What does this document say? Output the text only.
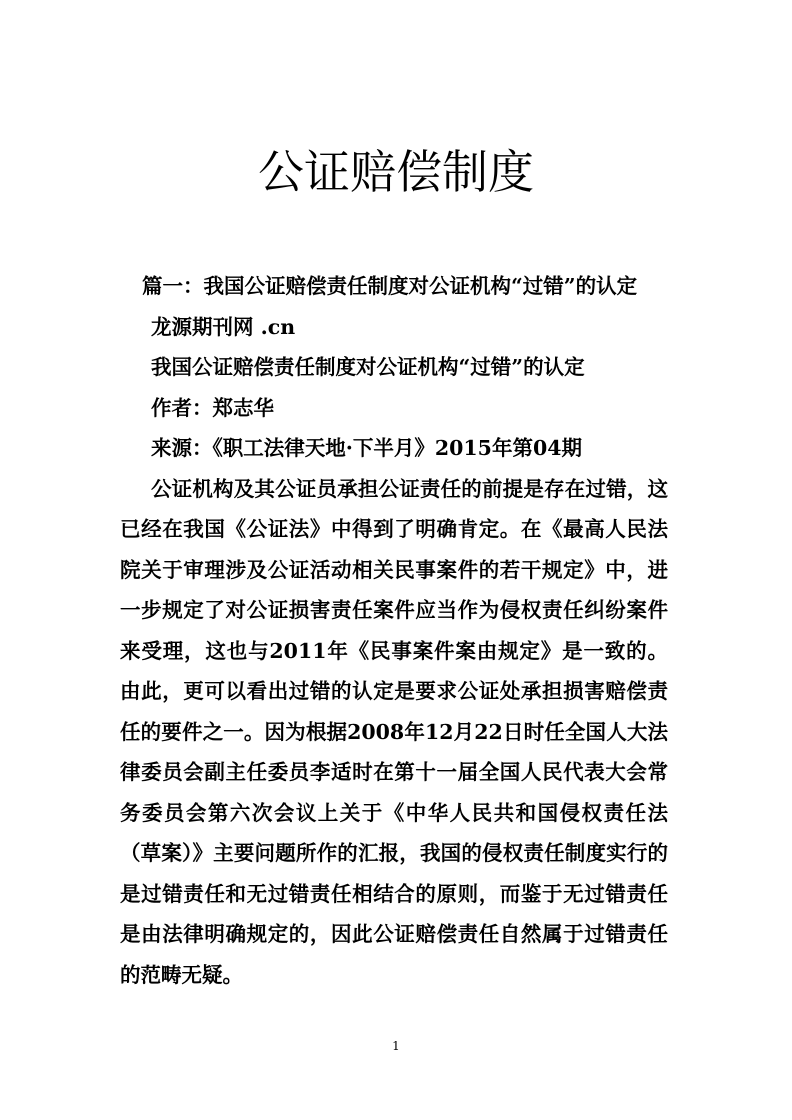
公证赔偿制度
篇一：我国公证赔偿责任制度对公证机构“过错”的认定
龙源期刊网 .cn
我国公证赔偿责任制度对公证机构“过错”的认定
作者：郑志华
来源：《职工法律天地·下半月》2015年第04期

公证机构及其公证员承担公证责任的前提是存在过错，这已经在我国《公证法》中得到了明确肯定。在《最高人民法院关于审理涉及公证活动相关民事案件的若干规定》中，进一步规定了对公证损害责任案件应当作为侵权责任纠纷案件来受理，这也与2011年《民事案件案由规定》是一致的。由此，更可以看出过错的认定是要求公证处承担损害赔偿责任的要件之一。因为根据2008年12月22日时任全国人大法律委员会副主任委员李适时在第十一届全国人民代表大会常务委员会第六次会议上关于《中华人民共和国侵权责任法（草案）》主要问题所作的汇报，我国的侵权责任制度实行的是过错责任和无过错责任相结合的原则，而鉴于无过错责任是由法律明确规定的，因此公证赔偿责任自然属于过错责任的范畴无疑。

1
